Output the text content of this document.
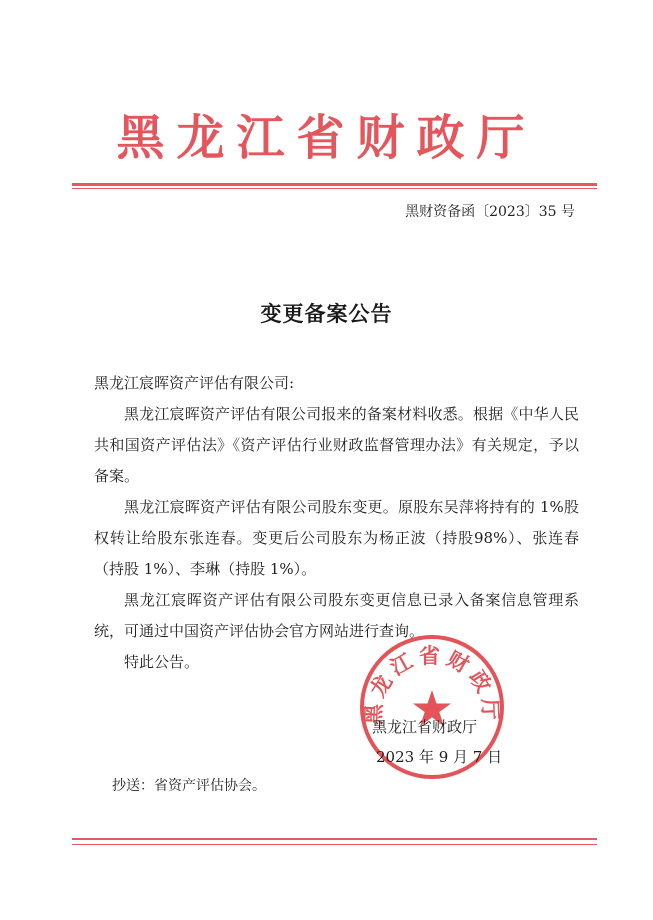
黑龙江省财政厅
黑财资备函〔2023〕35 号
变更备案公告

黑龙江宸晖资产评估有限公司:

黑龙江宸晖资产评估有限公司报来的备案材料收悉。根据《中华人民共和国资产评估法》《资产评估行业财政监督管理办法》有关规定，予以备案。

黑龙江宸晖资产评估有限公司股东变更。原股东吴萍将持有的 1%股权转让给股东张连春。变更后公司股东为杨正波（持股98%）、张连春（持股 1%）、李琳（持股 1%）。

黑龙江宸晖资产评估有限公司股东变更信息已录入备案信息管理系统，可通过中国资产评估协会官方网站进行查询。

特此公告。

黑龙江省财政厅
黑龙江省财政厅
2023 年 9 月 7 日
抄送：省资产评估协会。
